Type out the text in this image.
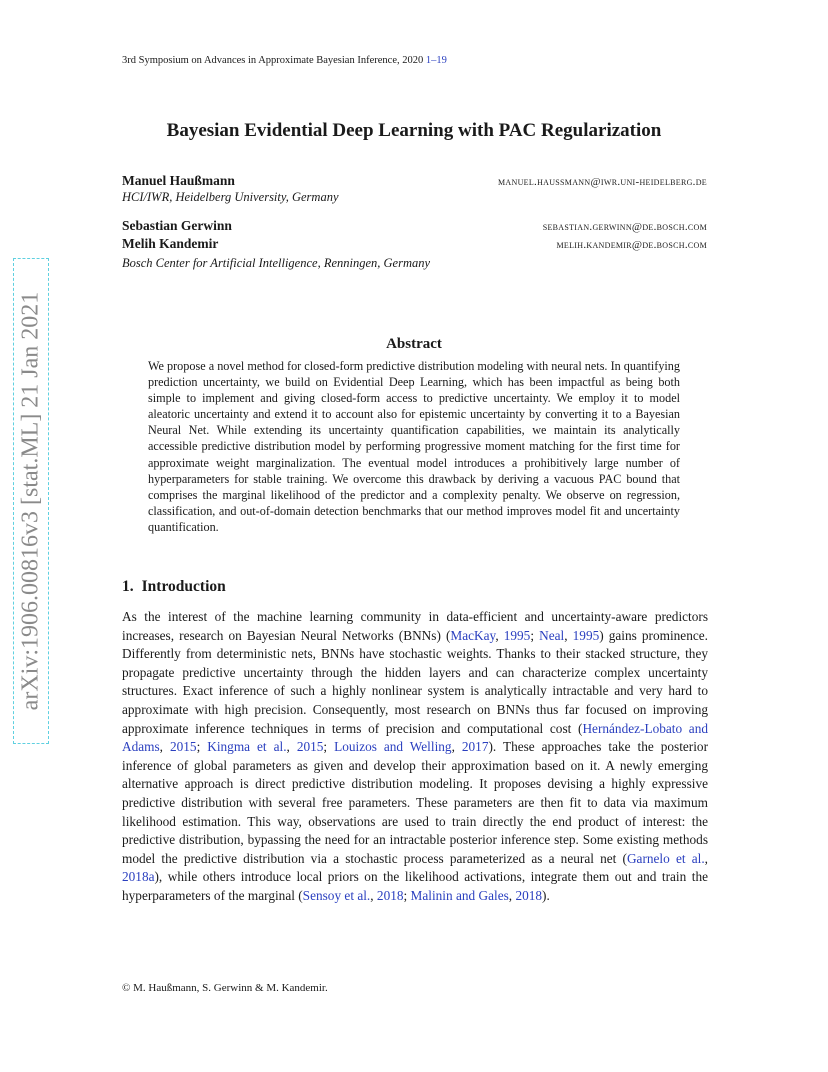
3rd Symposium on Advances in Approximate Bayesian Inference, 2020 1–19
Bayesian Evidential Deep Learning with PAC Regularization
Manuel Haußmann	manuel.haussmann@iwr.uni-heidelberg.de
HCI/IWR, Heidelberg University, Germany
Sebastian Gerwinn	sebastian.gerwinn@de.bosch.com
Melih Kandemir	melih.kandemir@de.bosch.com
Bosch Center for Artificial Intelligence, Renningen, Germany
Abstract
We propose a novel method for closed-form predictive distribution modeling with neural nets. In quantifying prediction uncertainty, we build on Evidential Deep Learning, which has been impactful as being both simple to implement and giving closed-form access to predictive uncertainty. We employ it to model aleatoric uncertainty and extend it to account also for epistemic uncertainty by converting it to a Bayesian Neural Net. While extending its uncertainty quantification capabilities, we maintain its analytically accessible predictive distribution model by performing progressive moment matching for the first time for approximate weight marginalization. The eventual model introduces a prohibitively large number of hyperparameters for stable training. We overcome this drawback by deriving a vacuous PAC bound that comprises the marginal likelihood of the predictor and a complexity penalty. We observe on regression, classification, and out-of-domain detection benchmarks that our method improves model fit and uncertainty quantification.
1. Introduction
As the interest of the machine learning community in data-efficient and uncertainty-aware predictors increases, research on Bayesian Neural Networks (BNNs) (MacKay, 1995; Neal, 1995) gains prominence. Differently from deterministic nets, BNNs have stochastic weights. Thanks to their stacked structure, they propagate predictive uncertainty through the hidden layers and can characterize complex uncertainty structures. Exact inference of such a highly nonlinear system is analytically intractable and very hard to approximate with high precision. Consequently, most research on BNNs thus far focused on improving approximate inference techniques in terms of precision and computational cost (Hernández-Lobato and Adams, 2015; Kingma et al., 2015; Louizos and Welling, 2017). These approaches take the posterior inference of global parameters as given and develop their approximation based on it. A newly emerging alternative approach is direct predictive distribution modeling. It proposes devising a highly expressive predictive distribution with several free parameters. These parameters are then fit to data via maximum likelihood estimation. This way, observations are used to train directly the end product of interest: the predictive distribution, bypassing the need for an intractable posterior inference step. Some existing methods model the predictive distribution via a stochastic process parameterized as a neural net (Garnelo et al., 2018a), while others introduce local priors on the likelihood activations, integrate them out and train the hyperparameters of the marginal (Sensoy et al., 2018; Malinin and Gales, 2018).
© M. Haußmann, S. Gerwinn & M. Kandemir.
arXiv:1906.00816v3 [stat.ML] 21 Jan 2021
